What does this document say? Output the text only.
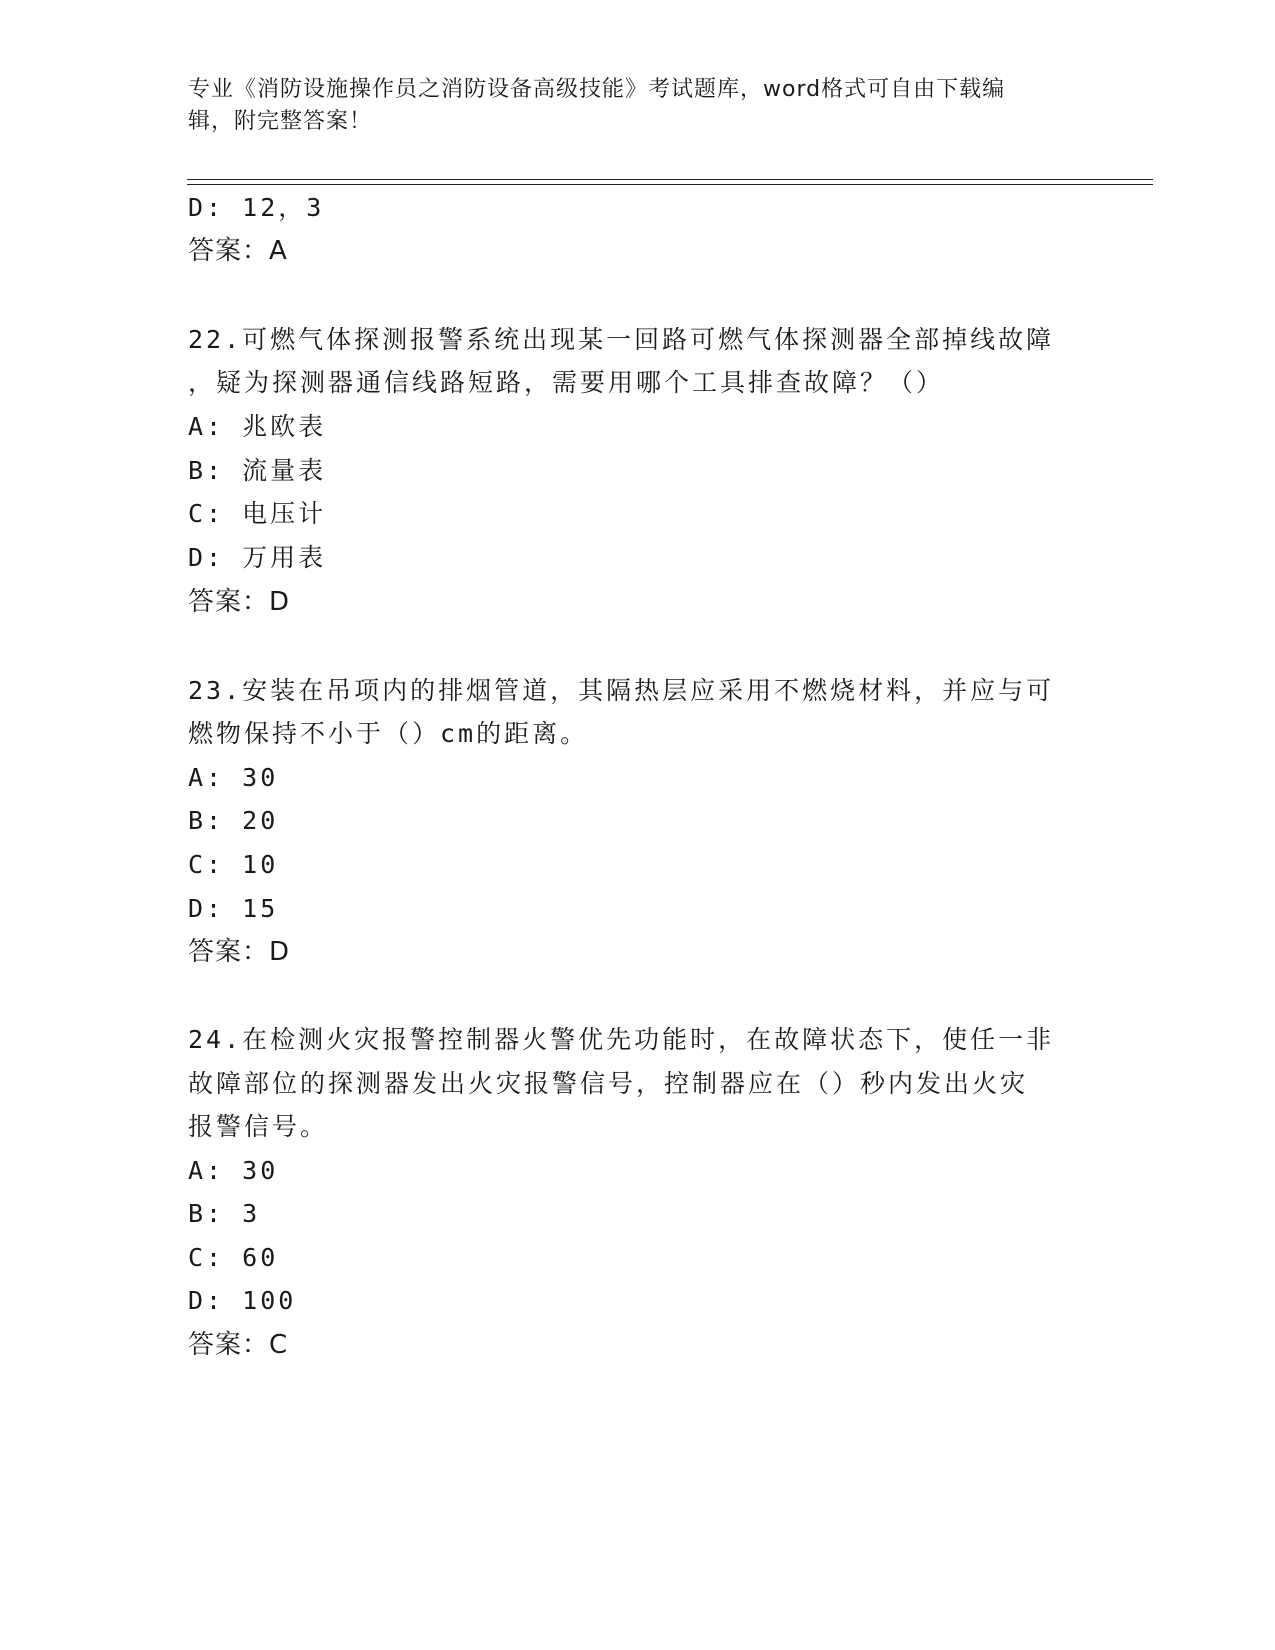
专业《消防设施操作员之消防设备高级技能》考试题库，word格式可自由下载编
辑，附完整答案！
D: 12，3
答案：A
22.可燃气体探测报警系统出现某一回路可燃气体探测器全部掉线故障
，疑为探测器通信线路短路，需要用哪个工具排查故障？（）
A: 兆欧表
B: 流量表
C: 电压计
D: 万用表
答案：D
23.安装在吊项内的排烟管道，其隔热层应采用不燃烧材料，并应与可
燃物保持不小于（）cm的距离。
A: 30
B: 20
C: 10
D: 15
答案：D
24.在检测火灾报警控制器火警优先功能时，在故障状态下，使任一非
故障部位的探测器发出火灾报警信号，控制器应在（）秒内发出火灾
报警信号。
A: 30
B: 3
C: 60
D: 100
答案：C
